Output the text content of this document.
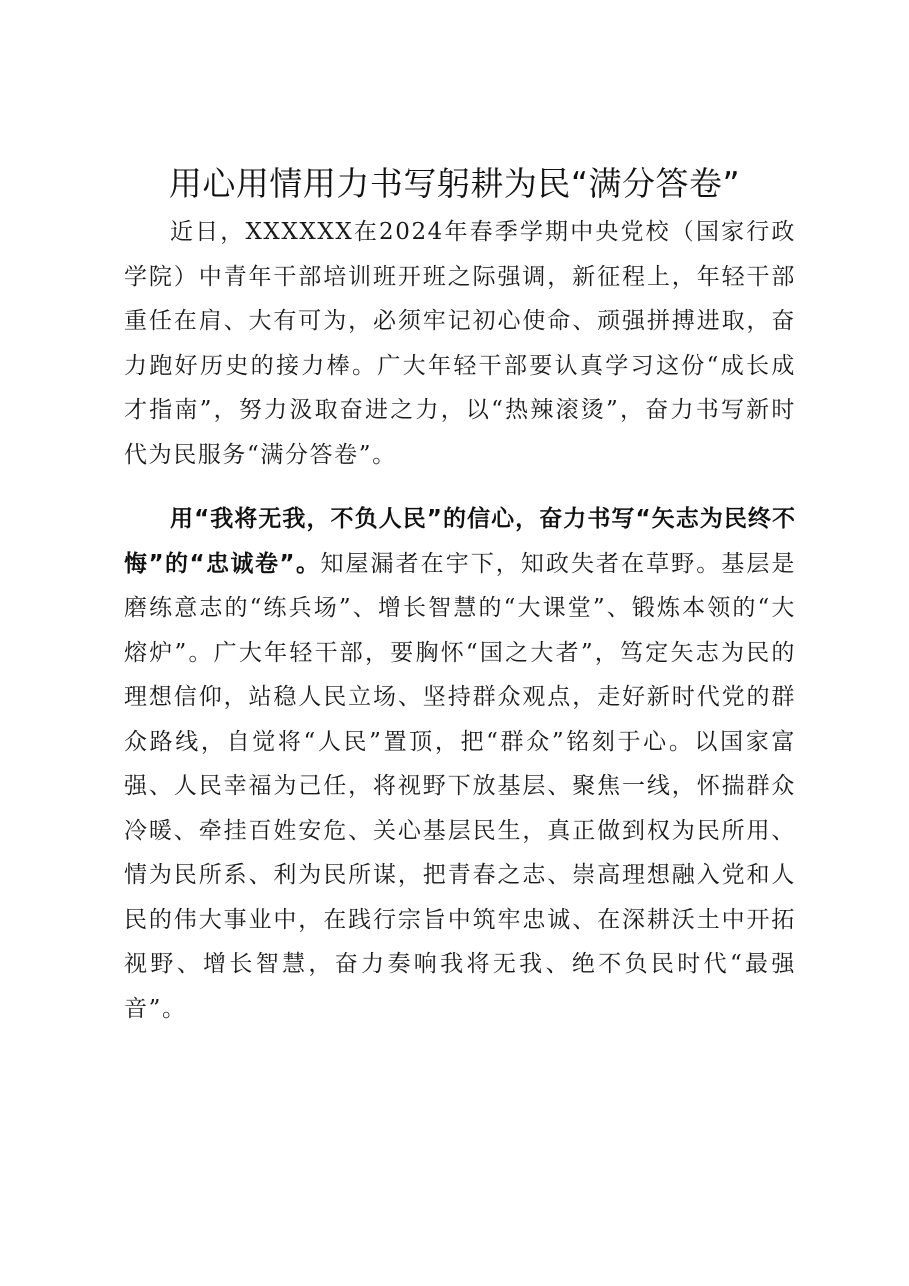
用心用情用力书写躬耕为民“满分答卷”

近日，XXXXXX在2024年春季学期中央党校（国家行政学院）中青年干部培训班开班之际强调，新征程上，年轻干部重任在肩、大有可为，必须牢记初心使命、顽强拼搏进取，奋力跑好历史的接力棒。广大年轻干部要认真学习这份“成长成才指南”，努力汲取奋进之力，以“热辣滚烫”，奋力书写新时代为民服务“满分答卷”。

用“我将无我，不负人民”的信心，奋力书写“矢志为民终不悔”的“忠诚卷”。知屋漏者在宇下，知政失者在草野。基层是磨练意志的“练兵场”、增长智慧的“大课堂”、锻炼本领的“大熔炉”。广大年轻干部，要胸怀“国之大者”，笃定矢志为民的理想信仰，站稳人民立场、坚持群众观点，走好新时代党的群众路线，自觉将“人民”置顶，把“群众”铭刻于心。以国家富强、人民幸福为己任，将视野下放基层、聚焦一线，怀揣群众冷暖、牵挂百姓安危、关心基层民生，真正做到权为民所用、情为民所系、利为民所谋，把青春之志、崇高理想融入党和人民的伟大事业中，在践行宗旨中筑牢忠诚、在深耕沃土中开拓视野、增长智慧，奋力奏响我将无我、绝不负民时代“最强音”。
